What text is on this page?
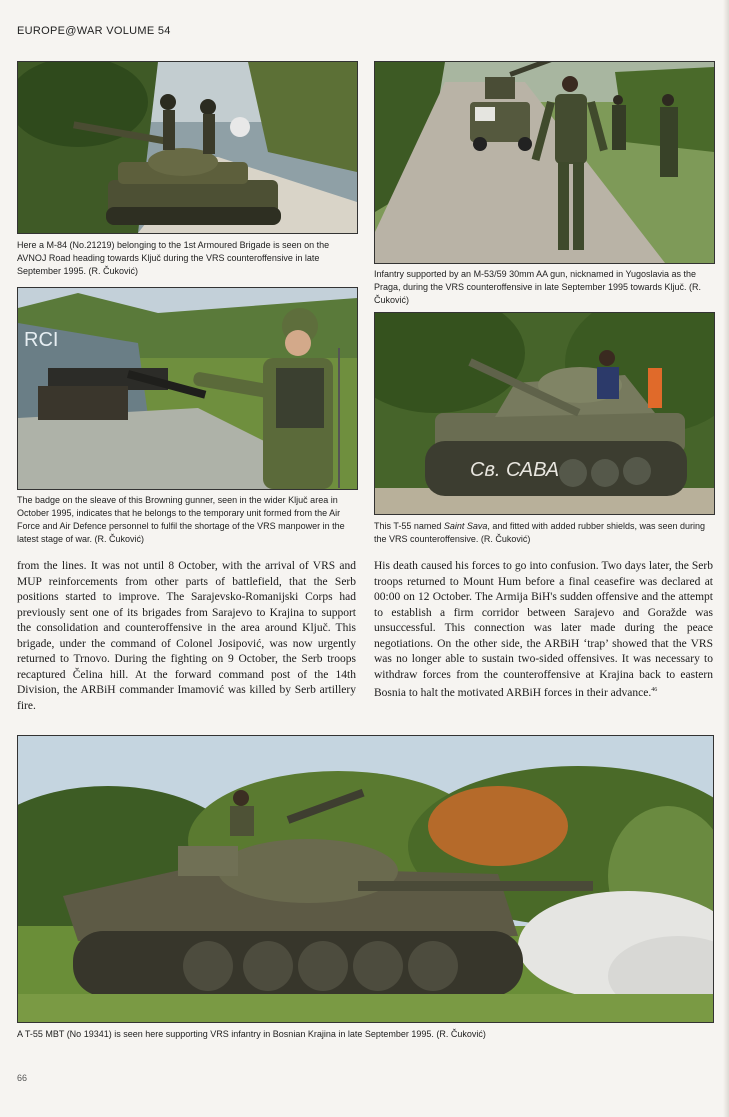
EUROPE@WAR VOLUME 54

Here a M-84 (No.21219) belonging to the 1st Armoured Brigade is seen on the AVNOJ Road heading towards Ključ during the VRS counteroffensive in late September 1995. (R. Čuković)	Infantry supported by an M-53/59 30mm AA gun, nicknamed in Yugoslavia as the Praga, during the VRS counteroffensive in late September 1995 towards Ključ. (R. Čuković)

RCI

The badge on the sleave of this Browning gunner, seen in the wider Ključ area in October 1995, indicates that he belongs to the temporary unit formed from the Air Force and Air Defence personnel to fulfil the shortage of the VRS manpower in the latest stage of war. (R. Čuković)

Св. САВА

This T-55 named Saint Sava, and fitted with added rubber shields, was seen during the VRS counteroffensive. (R. Čuković)

from the lines. It was not until 8 October, with the arrival of VRS and MUP reinforcements from other parts of battlefield, that the Serb positions started to improve. The Sarajevsko-Romanijski Corps had previously sent one of its brigades from Sarajevo to Krajina to support the consolidation and counteroffensive in the area around Ključ. This brigade, under the command of Colonel Josipović, was now urgently returned to Trnovo. During the fighting on 9 October, the Serb troops recaptured Čelina hill. At the forward command post of the 14th Division, the ARBiH commander Imamović was killed by Serb artillery fire.

His death caused his forces to go into confusion. Two days later, the Serb troops returned to Mount Hum before a final ceasefire was declared at 00:00 on 12 October. The Armija BiH's sudden offensive and the attempt to establish a firm corridor between Sarajevo and Goražde was unsuccessful. This connection was later made during the peace negotiations. On the other side, the ARBiH ‘trap’ showed that the VRS was no longer able to sustain two-sided offensives. It was necessary to withdraw forces from the counteroffensive at Krajina back to eastern Bosnia to halt the motivated ARBiH forces in their advance.$^{46}$

A T-55 MBT (No 19341) is seen here supporting VRS infantry in Bosnian Krajina in late September 1995. (R. Čuković)

66
